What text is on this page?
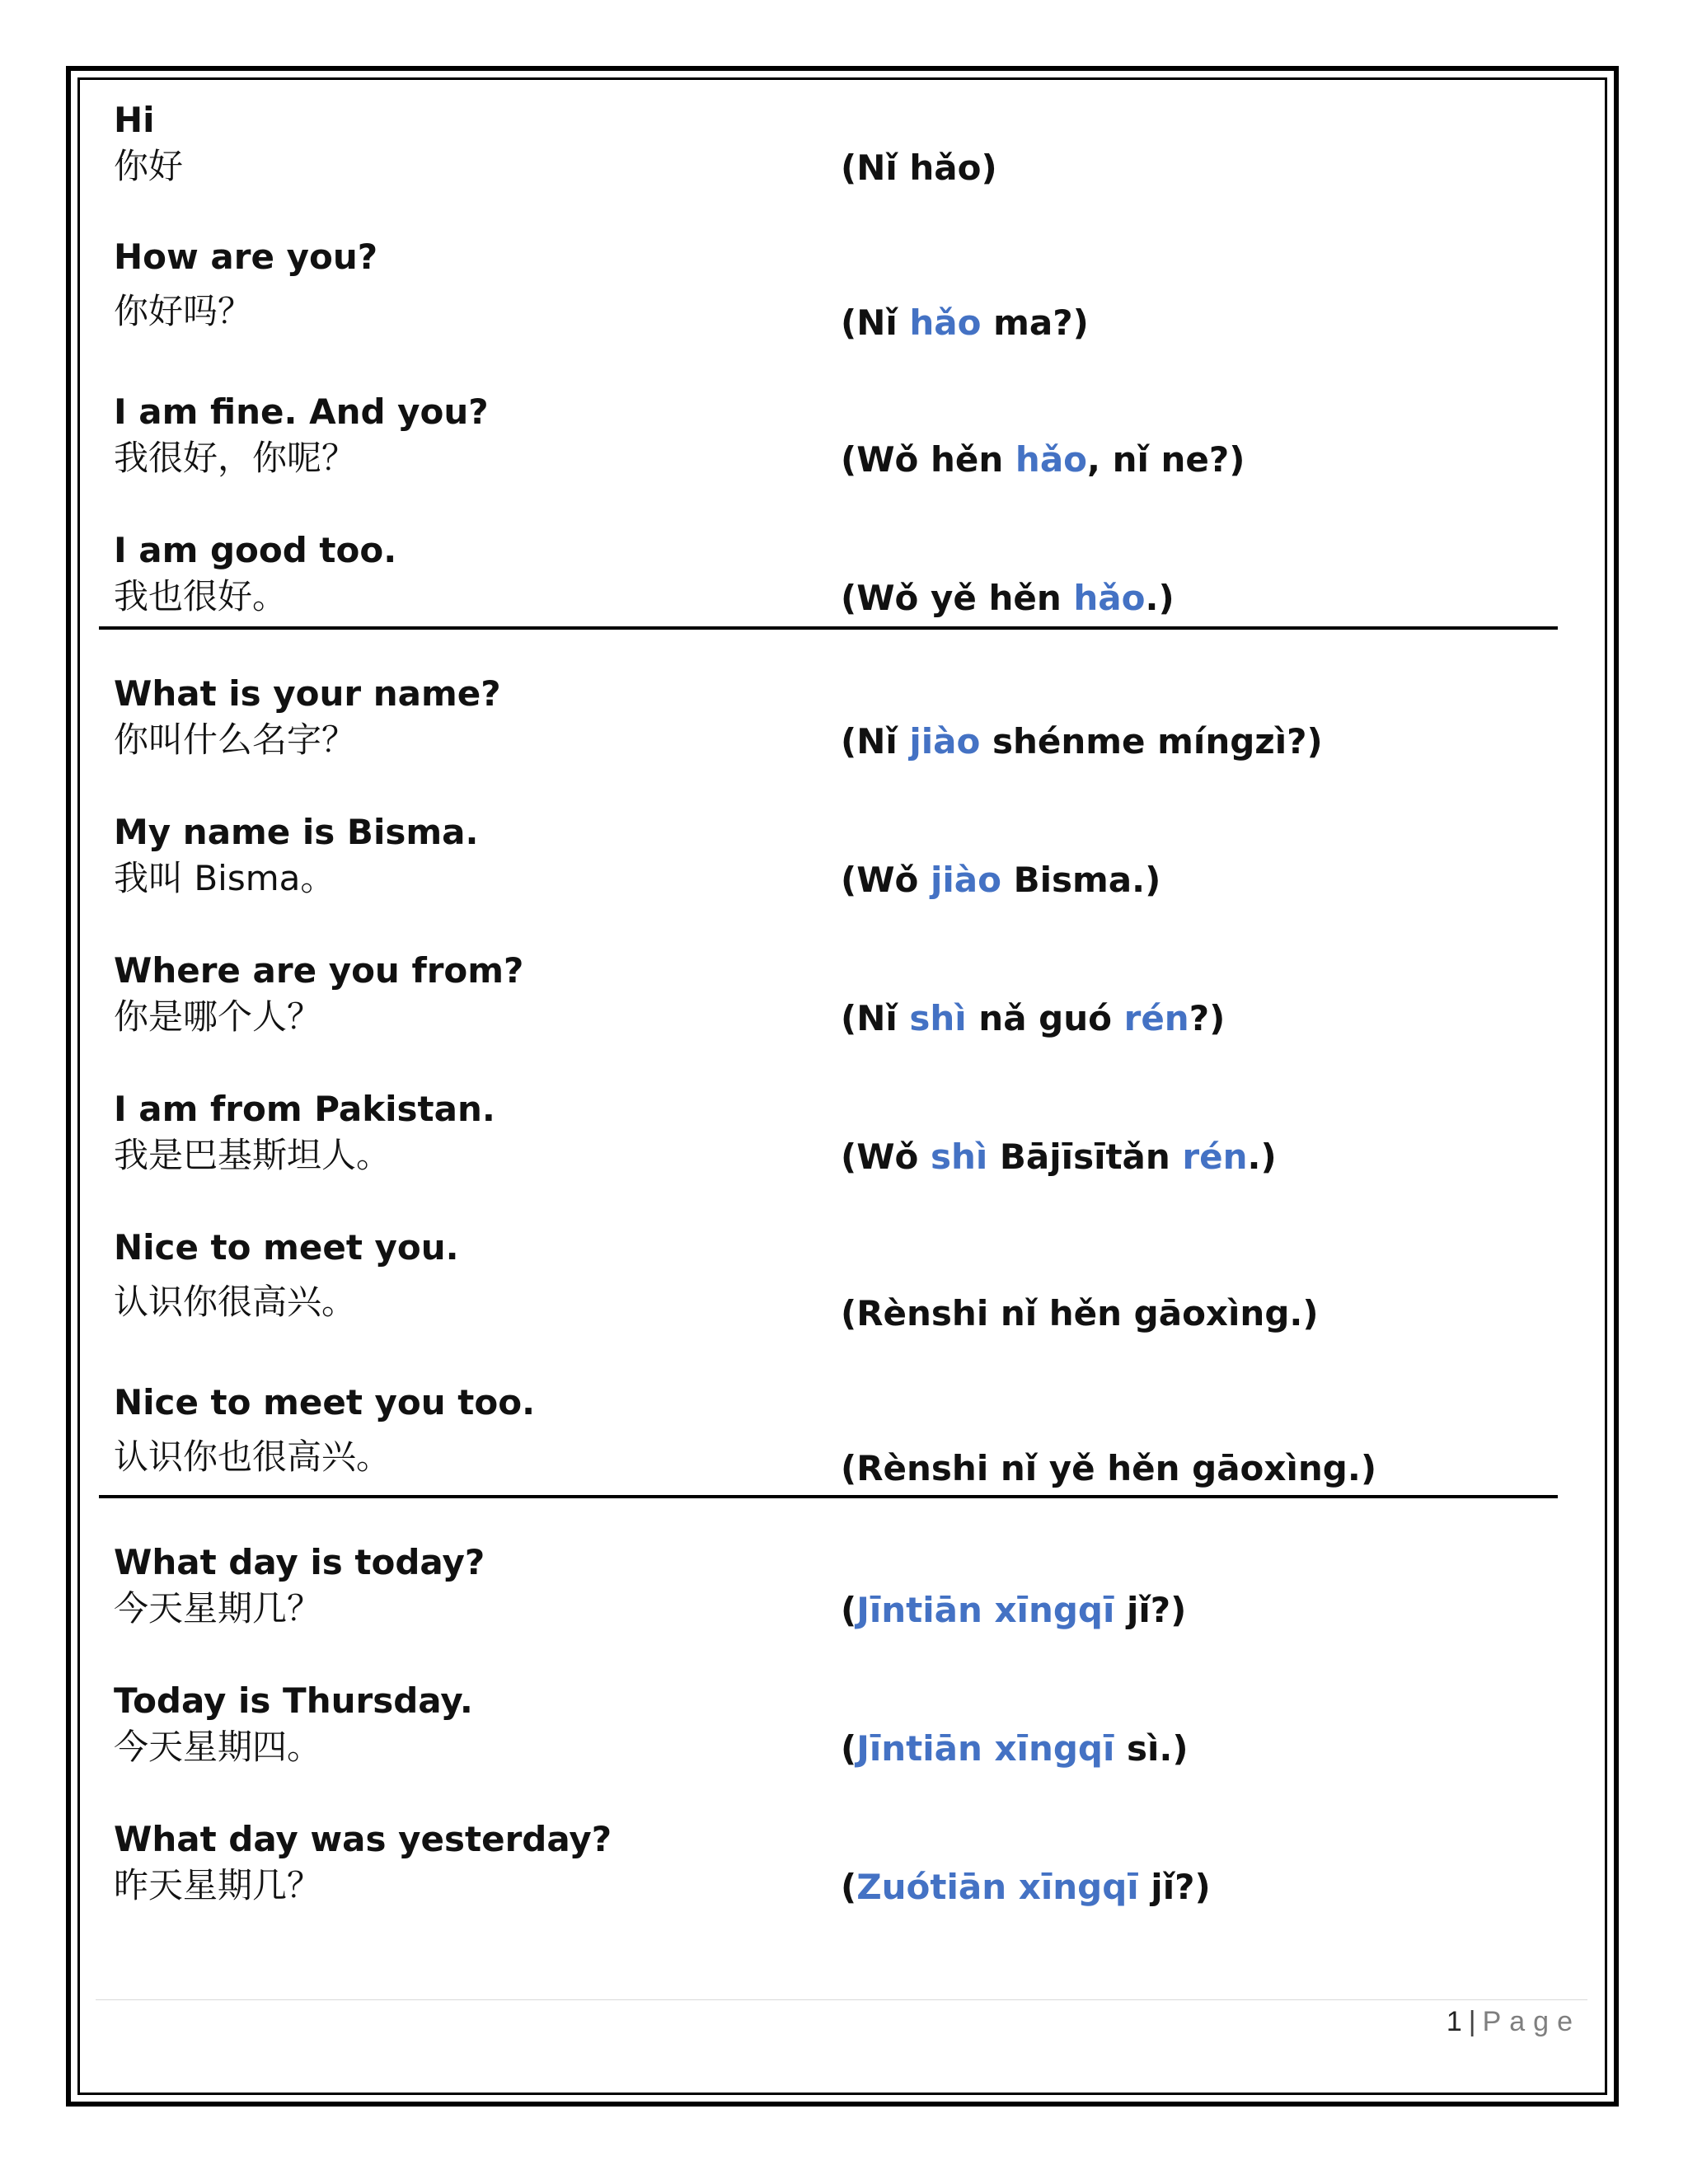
Hi
你好	(Nǐ hǎo)
How are you?
你好吗？	(Nǐ hǎo ma?)
I am fine. And you?
我很好，你呢？	(Wǒ hěn hǎo, nǐ ne?)
I am good too.
我也很好。	(Wǒ yě hěn hǎo.)
What is your name?
你叫什么名字？	(Nǐ jiào shénme míngzì?)
My name is Bisma.
我叫 Bisma。	(Wǒ jiào Bisma.)
Where are you from?
你是哪个人？	(Nǐ shì nǎ guó rén?)
I am from Pakistan.
我是巴基斯坦人。	(Wǒ shì Bājīsītǎn rén.)
Nice to meet you.
认识你很高兴。	(Rènshi nǐ hěn gāoxìng.)
Nice to meet you too.
认识你也很高兴。	(Rènshi nǐ yě hěn gāoxìng.)
What day is today?
今天星期几？	(Jīntiān xīngqī jǐ?)
Today is Thursday.
今天星期四。	(Jīntiān xīngqī sì.)
What day was yesterday?
昨天星期几？	(Zuótiān xīngqī jǐ?)
1 | Page
